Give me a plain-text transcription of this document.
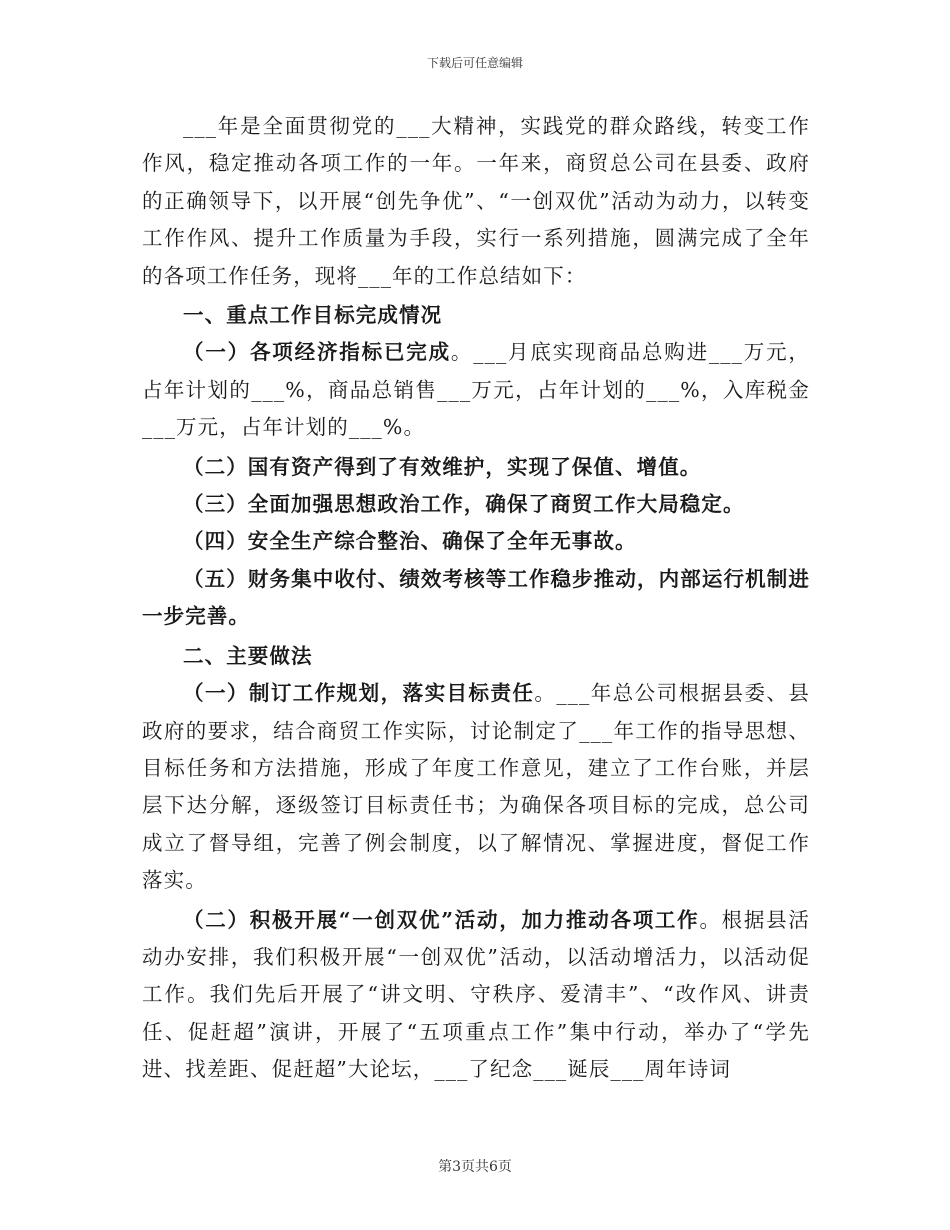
下载后可任意编辑

___年是全面贯彻党的___大精神，实践党的群众路线，转变工作作风，稳定推动各项工作的一年。一年来，商贸总公司在县委、政府的正确领导下，以开展“创先争优”、“一创双优”活动为动力，以转变工作作风、提升工作质量为手段，实行一系列措施，圆满完成了全年的各项工作任务，现将___年的工作总结如下：

一、重点工作目标完成情况

（一）各项经济指标已完成。___月底实现商品总购进___万元，占年计划的___%，商品总销售___万元，占年计划的___%，入库税金___万元，占年计划的___%。

（二）国有资产得到了有效维护，实现了保值、增值。

（三）全面加强思想政治工作，确保了商贸工作大局稳定。

（四）安全生产综合整治、确保了全年无事故。

（五）财务集中收付、绩效考核等工作稳步推动，内部运行机制进一步完善。

二、主要做法

（一）制订工作规划，落实目标责任。___年总公司根据县委、县政府的要求，结合商贸工作实际，讨论制定了___年工作的指导思想、目标任务和方法措施，形成了年度工作意见，建立了工作台账，并层层下达分解，逐级签订目标责任书；为确保各项目标的完成，总公司成立了督导组，完善了例会制度，以了解情况、掌握进度，督促工作落实。

（二）积极开展“一创双优”活动，加力推动各项工作。根据县活动办安排，我们积极开展“一创双优”活动，以活动增活力，以活动促工作。我们先后开展了“讲文明、守秩序、爱清丰”、“改作风、讲责任、促赶超”演讲，开展了“五项重点工作”集中行动，举办了“学先进、找差距、促赶超”大论坛，___了纪念___诞辰___周年诗词

第3页共6页
